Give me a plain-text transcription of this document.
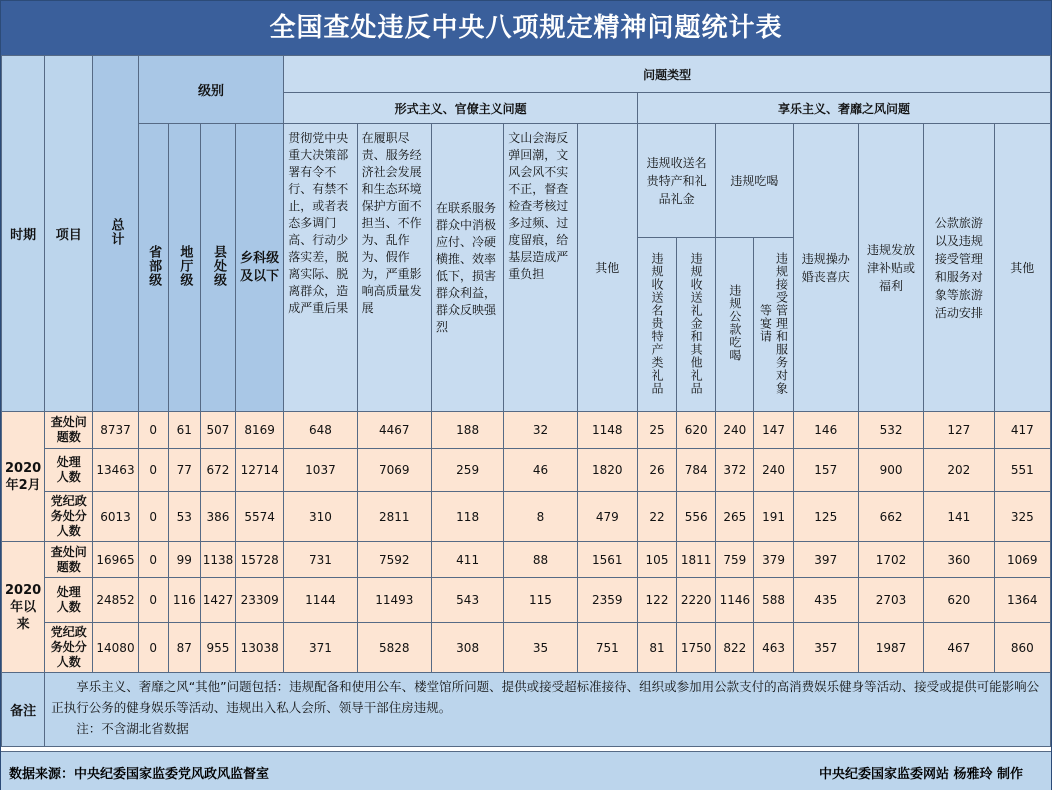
全国查处违反中央八项规定精神问题统计表
时期	项目	总计	级别				问题类型												
							形式主义、官僚主义问题					享乐主义、奢靡之风问题							
			省部级	地厅级	县处级	乡科级及以下	贯彻党中央重大决策部署有令不行、有禁不止，或者表态多调门高、行动少落实差，脱离实际、脱离群众，造成严重后果	在履职尽责、服务经济社会发展和生态环境保护方面不担当、不作为、乱作为、假作为，严重影响高质量发展	在联系服务群众中消极应付、冷硬横推、效率低下，损害群众利益，群众反映强烈	文山会海反弹回潮，文风会风不实不正，督查检查考核过多过频、过度留痕，给基层造成严重负担	其他	违规收送名贵特产和礼品礼金		违规吃喝		违规操办婚丧喜庆	违规发放津补贴或福利	公款旅游以及违规接受管理和服务对象等旅游活动安排	其他
												违规收送名贵特产类礼品	违规收送礼金和其他礼品	违规公款吃喝	违规接受管理和服务对象等宴请				
2020年2月	查处问题数	8737	0	61	507	8169	648	4467	188	32	1148	25	620	240	147	146	532	127	417
	处理人数	13463	0	77	672	12714	1037	7069	259	46	1820	26	784	372	240	157	900	202	551
	党纪政务处分人数	6013	0	53	386	5574	310	2811	118	8	479	22	556	265	191	125	662	141	325
2020年以来	查处问题数	16965	0	99	1138	15728	731	7592	411	88	1561	105	1811	759	379	397	1702	360	1069
	处理人数	24852	0	116	1427	23309	1144	11493	543	115	2359	122	2220	1146	588	435	2703	620	1364
	党纪政务处分人数	14080	0	87	955	13038	371	5828	308	35	751	81	1750	822	463	357	1987	467	860
备注	享乐主义、奢靡之风“其他”问题包括：违规配备和使用公车、楼堂馆所问题、提供或接受超标准接待、组织或参加用公款支付的高消费娱乐健身等活动、接受或提供可能影响公正执行公务的健身娱乐等活动、违规出入私人会所、领导干部住房违规。
注：不含湖北省数据																		
数据来源：中央纪委国家监委党风政风监督室	中央纪委国家监委网站 杨雅玲 制作
